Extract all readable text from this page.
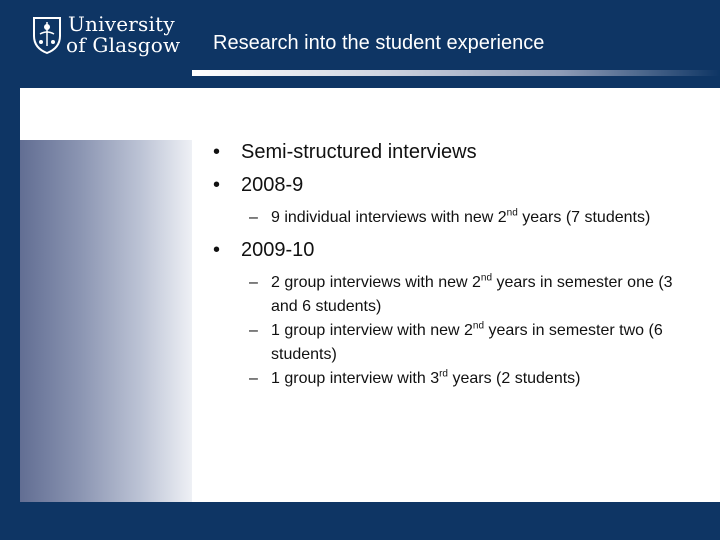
University
of Glasgow Research into the student experience
• Semi-structured interviews
• 2008-9
– 9 individual interviews with new 2nd years (7 students)
• 2009-10
– 2 group interviews with new 2nd years in semester one (3 and 6 students)
– 1 group interview with new 2nd years in semester two (6 students)
– 1 group interview with 3rd years (2 students)
